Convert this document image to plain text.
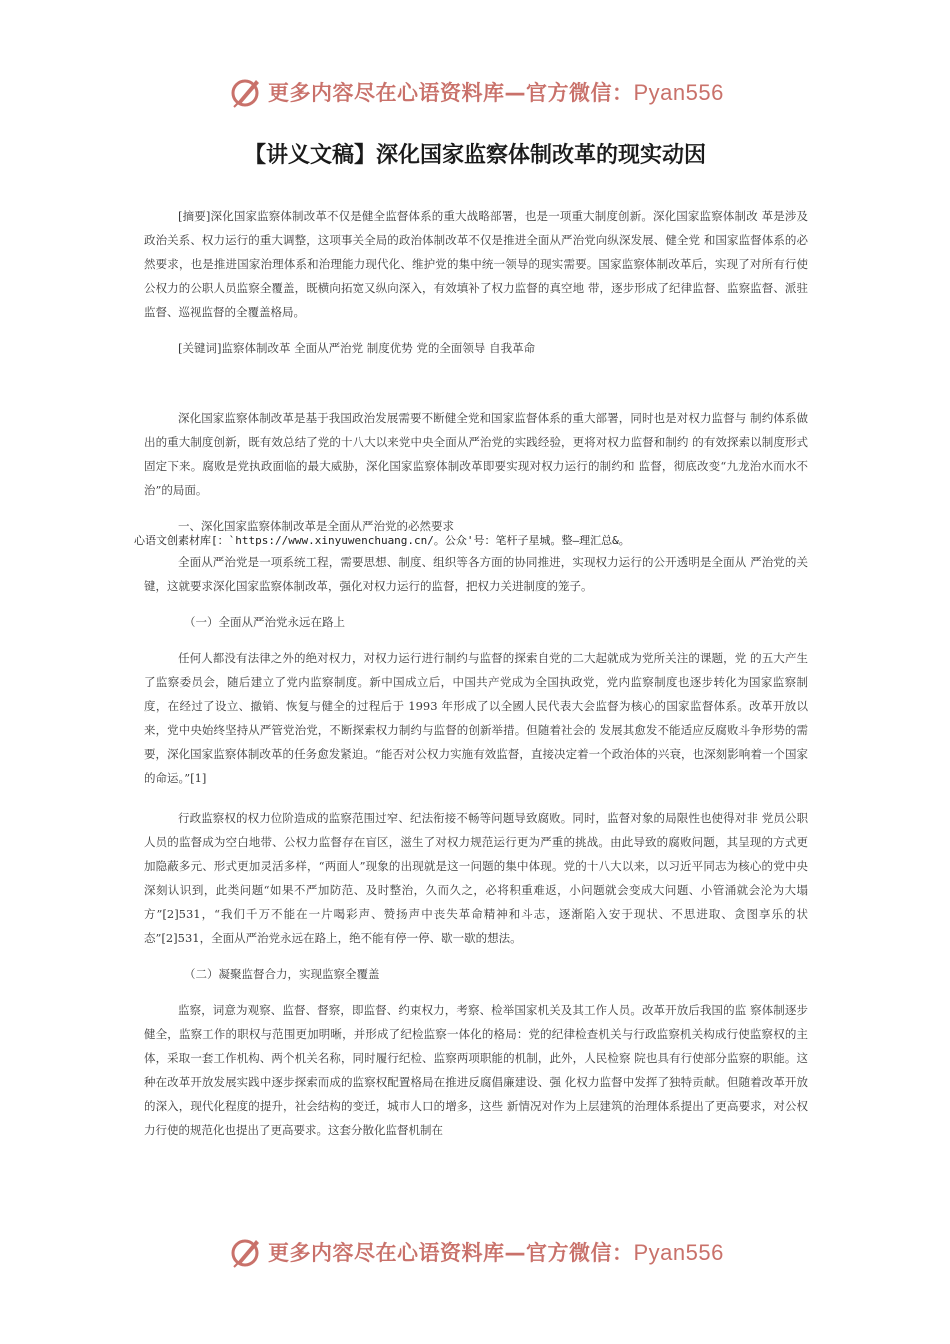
更多内容尽在心语资料库—官方微信：Pyan556
【讲义文稿】深化国家监察体制改革的现实动因

[摘要]深化国家监察体制改革不仅是健全监督体系的重大战略部署，也是一项重大制度创新。深化国家监察体制改 革是涉及政治关系、权力运行的重大调整，这项事关全局的政治体制改革不仅是推进全面从严治党向纵深发展、健全党 和国家监督体系的必然要求，也是推进国家治理体系和治理能力现代化、维护党的集中统一领导的现实需要。国家监察体制改革后，实现了对所有行使公权力的公职人员监察全覆盖，既横向拓宽又纵向深入，有效填补了权力监督的真空地 带，逐步形成了纪律监督、监察监督、派驻监督、巡视监督的全覆盖格局。

[关键词]监察体制改革 全面从严治党 制度优势 党的全面领导 自我革命

深化国家监察体制改革是基于我国政治发展需要不断健全党和国家监督体系的重大部署，同时也是对权力监督与 制约体系做出的重大制度创新，既有效总结了党的十八大以来党中央全面从严治党的实践经验，更将对权力监督和制约 的有效探索以制度形式固定下来。腐败是党执政面临的最大威胁，深化国家监察体制改革即要实现对权力运行的制约和 监督，彻底改变“九龙治水而水不治”的局面。

一、深化国家监察体制改革是全面从严治党的必然要求

心语文创素材库[：`https://www.xinyuwenchuang.cn/。公众'号：笔杆子星城。整—理汇总&。

全面从严治党是一项系统工程，需要思想、制度、组织等各方面的协同推进，实现权力运行的公开透明是全面从 严治党的关键，这就要求深化国家监察体制改革，强化对权力运行的监督，把权力关进制度的笼子。

（一）全面从严治党永远在路上

任何人都没有法律之外的绝对权力，对权力运行进行制约与监督的探索自党的二大起就成为党所关注的课题，党 的五大产生了监察委员会，随后建立了党内监察制度。新中国成立后，中国共产党成为全国执政党，党内监察制度也逐步转化为国家监察制度，在经过了设立、撤销、恢复与健全的过程后于 1993 年形成了以全國人民代表大会监督为核心的国家监督体系。改革开放以来，党中央始终坚持从严管党治党，不断探索权力制约与监督的创新举措。但随着社会的 发展其愈发不能适应反腐败斗争形势的需要，深化国家监察体制改革的任务愈发紧迫。“能否对公权力实施有效监督，直接决定着一个政治体的兴衰，也深刻影响着一个国家的命运。”[1]

行政监察权的权力位阶造成的监察范围过窄、纪法衔接不畅等问题导致腐败。同时，监督对象的局限性也使得对非 党员公职人员的监督成为空白地带、公权力监督存在盲区，滋生了对权力规范运行更为严重的挑战。由此导致的腐败问题，其呈现的方式更加隐蔽多元、形式更加灵活多样，“两面人”现象的出现就是这一问题的集中体现。党的十八大以来，以习近平同志为核心的党中央深刻认识到，此类问题“如果不严加防范、及时整治，久而久之，必将积重难返，小问题就会变成大问题、小管涌就会沦为大塌方”[2]531，“我们千万不能在一片喝彩声、赞扬声中丧失革命精神和斗志，逐渐陷入安于现状、不思进取、贪图享乐的状态”[2]531，全面从严治党永远在路上，绝不能有停一停、歇一歇的想法。

（二）凝聚监督合力，实现监察全覆盖

监察，词意为观察、监督、督察，即监督、约束权力，考察、检举国家机关及其工作人员。改革开放后我国的监 察体制逐步健全，监察工作的职权与范围更加明晰，并形成了纪检监察一体化的格局：党的纪律检查机关与行政监察机关构成行使监察权的主体，采取一套工作机构、两个机关名称，同时履行纪检、监察两项职能的机制，此外，人民检察 院也具有行使部分监察的职能。这种在改革开放发展实践中逐步探索而成的监察权配置格局在推进反腐倡廉建设、强 化权力监督中发挥了独特贡献。但随着改革开放的深入，现代化程度的提升，社会结构的变迁，城市人口的增多，这些 新情况对作为上层建筑的治理体系提出了更高要求，对公权力行使的规范化也提出了更高要求。这套分散化监督机制在

更多内容尽在心语资料库—官方微信：Pyan556
